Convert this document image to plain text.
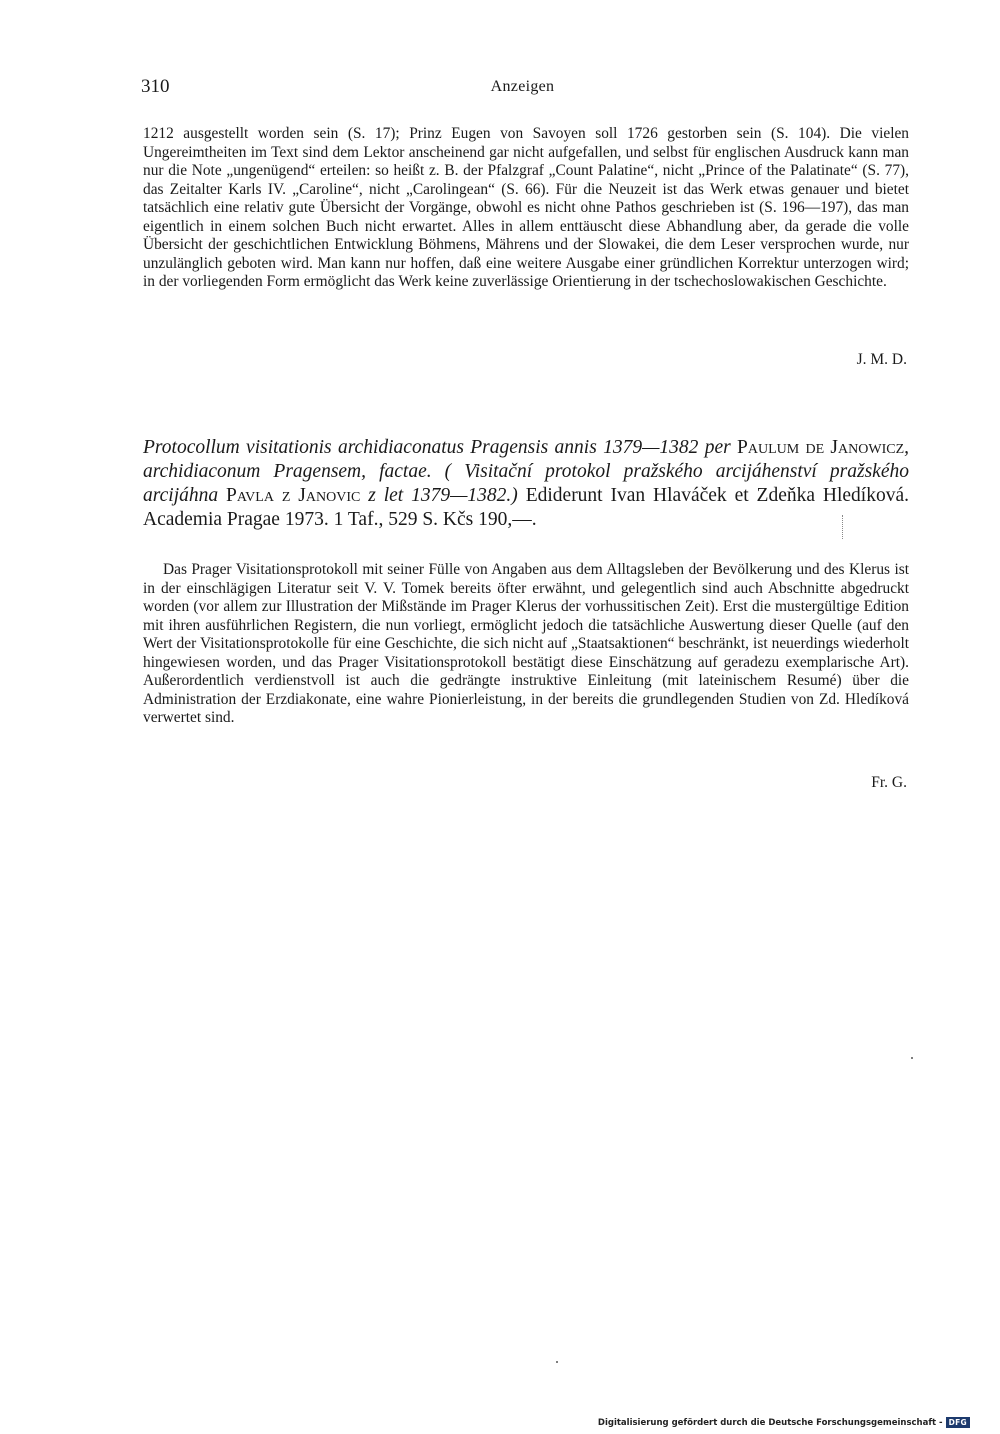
310	Anzeigen

1212 ausgestellt worden sein (S. 17); Prinz Eugen von Savoyen soll 1726 gestorben sein (S. 104). Die vielen Ungereimtheiten im Text sind dem Lektor anscheinend gar nicht aufgefallen, und selbst für englischen Ausdruck kann man nur die Note „ungenügend“ erteilen: so heißt z. B. der Pfalzgraf „Count Palatine“, nicht „Prince of the Palatinate“ (S. 77), das Zeitalter Karls IV. „Caroline“, nicht „Carolingean“ (S. 66). Für die Neuzeit ist das Werk etwas genauer und bietet tatsächlich eine relativ gute Übersicht der Vorgänge, obwohl es nicht ohne Pathos geschrieben ist (S. 196—197), das man eigentlich in einem solchen Buch nicht erwartet. Alles in allem enttäuscht diese Abhandlung aber, da gerade die volle Übersicht der geschichtlichen Entwicklung Böhmens, Mährens und der Slowakei, die dem Leser versprochen wurde, nur unzulänglich geboten wird. Man kann nur hoffen, daß eine weitere Ausgabe einer gründlichen Korrektur unterzogen wird; in der vorliegenden Form ermöglicht das Werk keine zuverlässige Orientierung in der tschechoslowakischen Geschichte.

J. M. D.
Protocollum visitationis archidiaconatus Pragensis annis 1379—1382 per Paulum de Janowicz, archidiaconum Pragensem, factae. ( Visitační protokol pražského arcijáhenství pražského arcijáhna Pavla z Janovic z let 1379—1382.) Ediderunt Ivan Hlaváček et Zdeňka Hledíková. Academia Pragae 1973. 1 Taf., 529 S. Kčs 190,—.

Das Prager Visitationsprotokoll mit seiner Fülle von Angaben aus dem Alltagsleben der Bevölkerung und des Klerus ist in der einschlägigen Literatur seit V. V. Tomek bereits öfter erwähnt, und gelegentlich sind auch Abschnitte abgedruckt worden (vor allem zur Illustration der Mißstände im Prager Klerus der vorhussitischen Zeit). Erst die mustergültige Edition mit ihren ausführlichen Registern, die nun vorliegt, ermöglicht jedoch die tatsächliche Auswertung dieser Quelle (auf den Wert der Visitationsprotokolle für eine Geschichte, die sich nicht auf „Staatsaktionen“ beschränkt, ist neuerdings wiederholt hingewiesen worden, und das Prager Visitationsprotokoll bestätigt diese Einschätzung auf geradezu exemplarische Art). Außerordentlich verdienstvoll ist auch die gedrängte instruktive Einleitung (mit lateinischem Resumé) über die Administration der Erzdiakonate, eine wahre Pionierleistung, in der bereits die grundlegenden Studien von Zd. Hledíková verwertet sind.

Fr. G.
Digitalisierung gefördert durch die Deutsche Forschungsgemeinschaft - DFG
